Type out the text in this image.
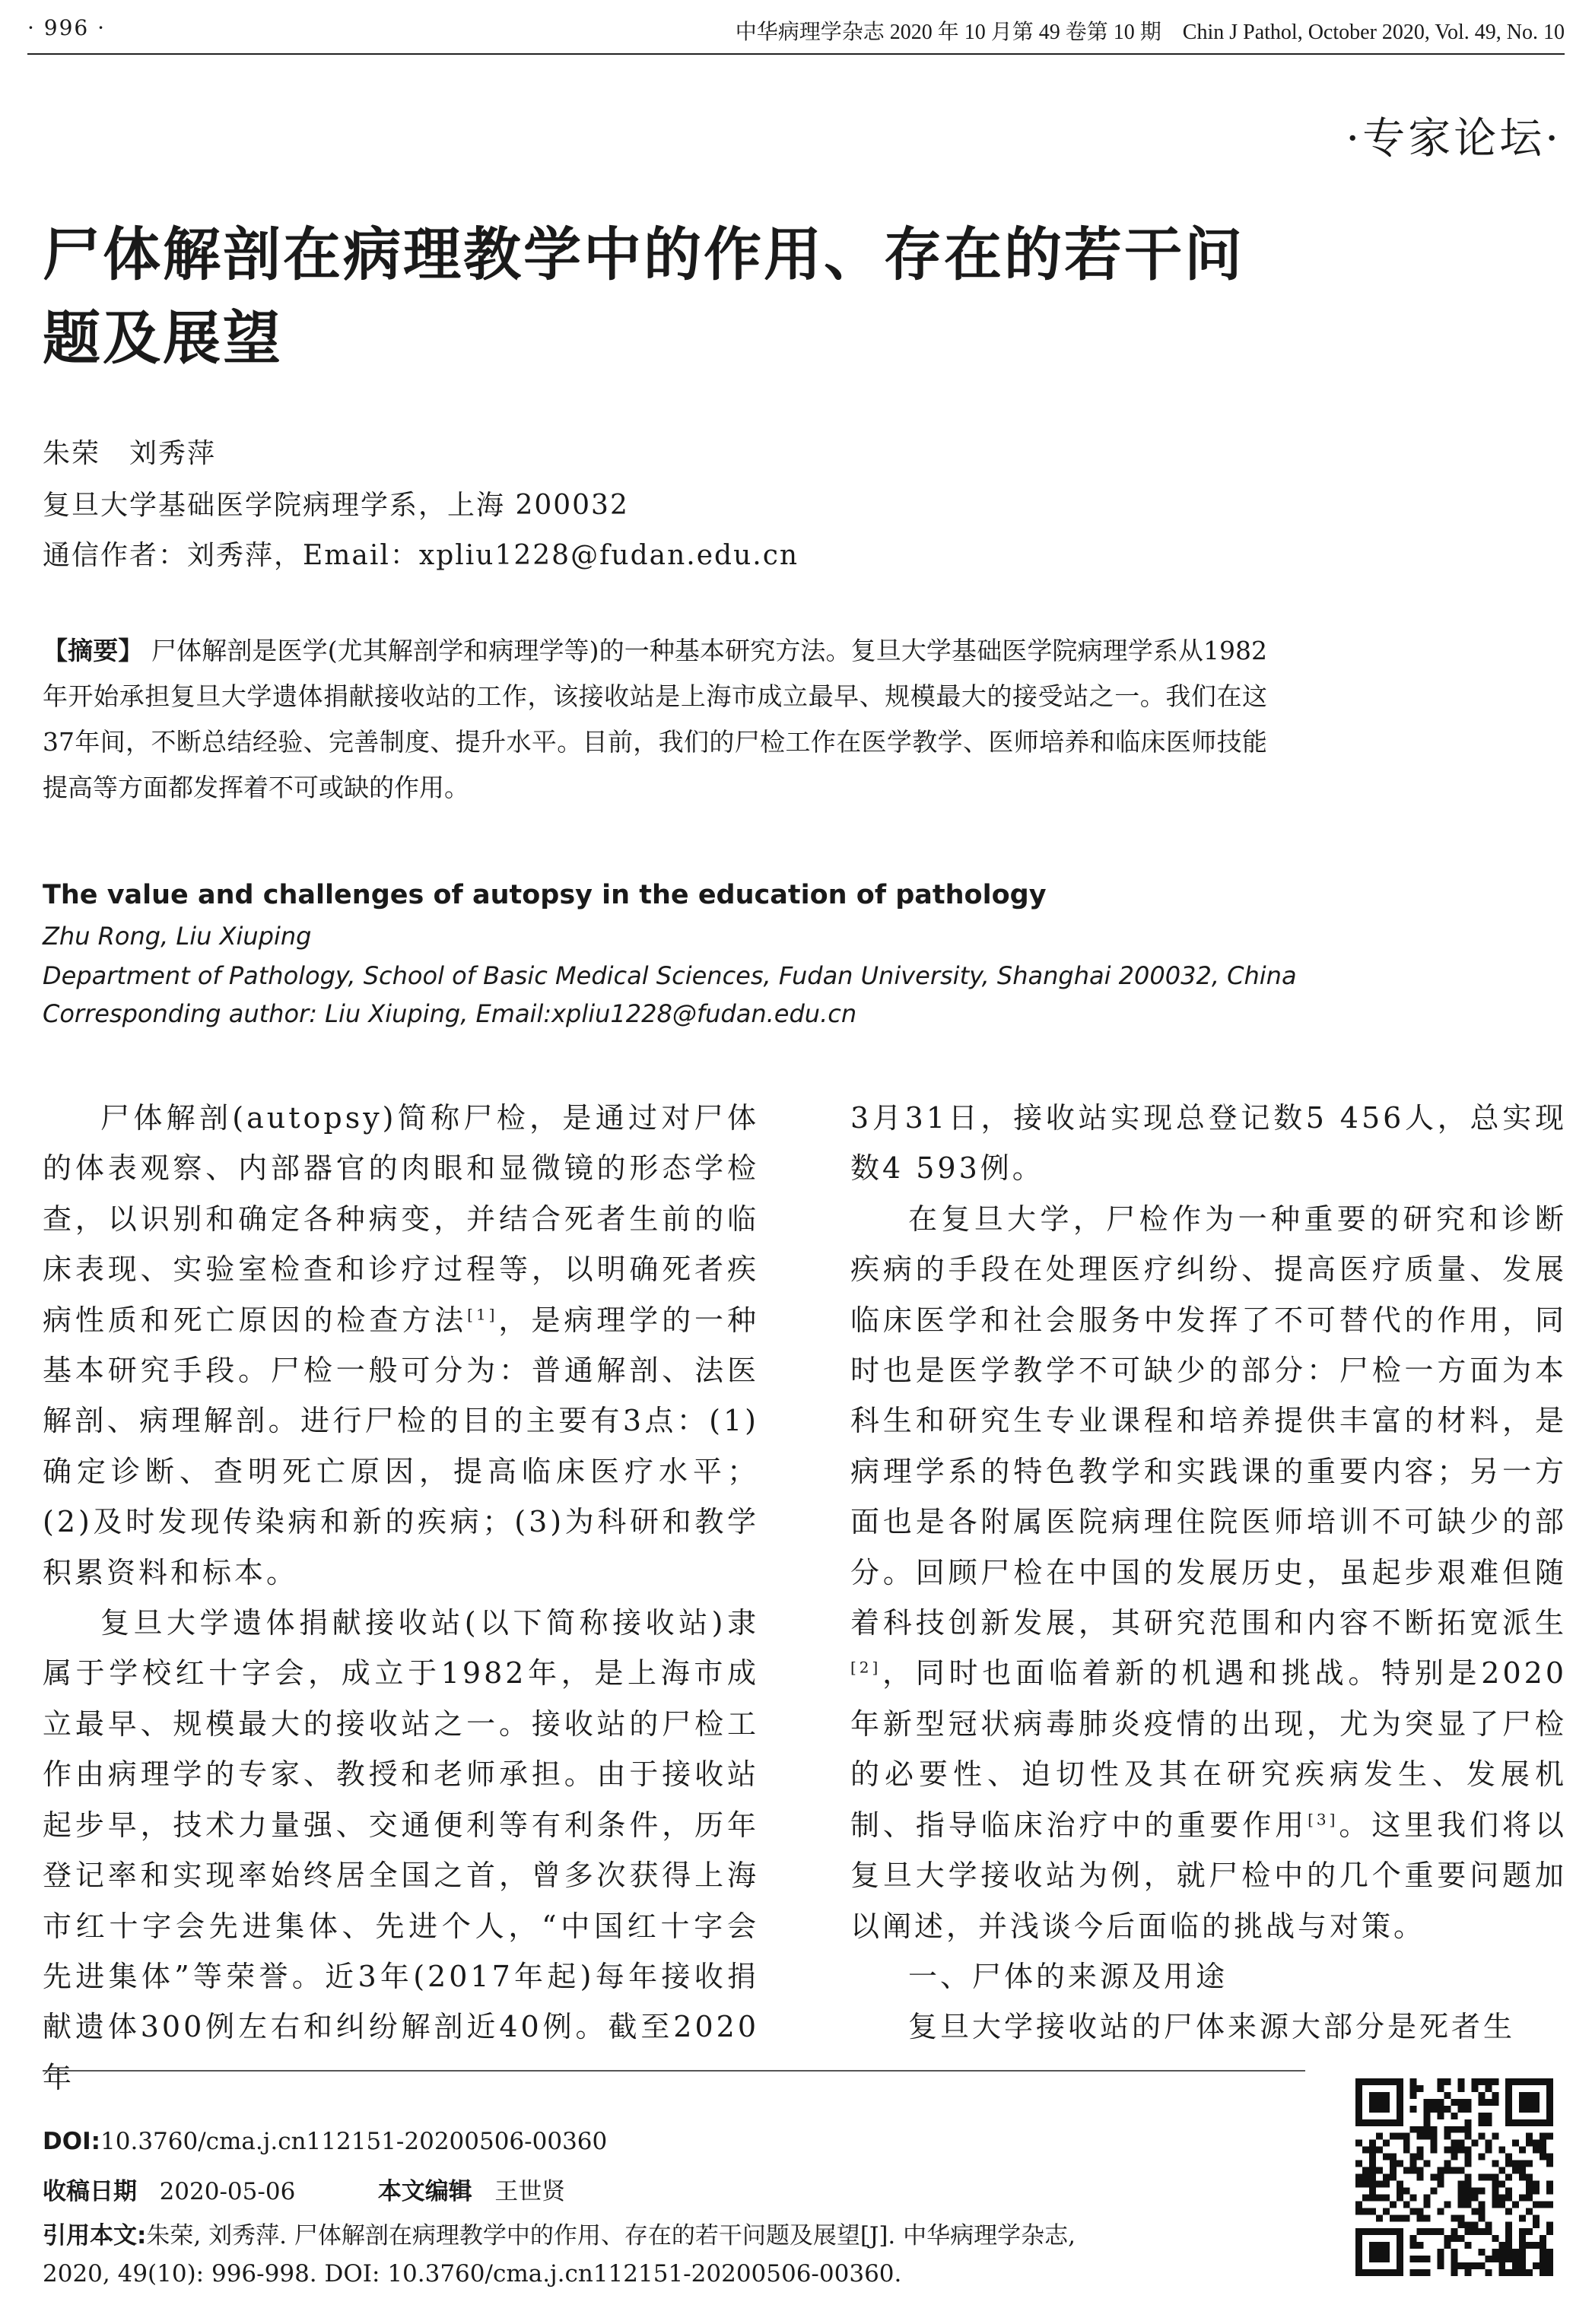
· 996 ·	中华病理学杂志 2020 年 10 月第 49 卷第 10 期　Chin J Pathol, October 2020, Vol. 49, No. 10
·专家论坛·
尸体解剖在病理教学中的作用、存在的若干问题及展望
朱荣　刘秀萍
复旦大学基础医学院病理学系，上海 200032
通信作者：刘秀萍，Email：xpliu1228@fudan.edu.cn
【摘要】 尸体解剖是医学(尤其解剖学和病理学等)的一种基本研究方法。复旦大学基础医学院病理学系从1982年开始承担复旦大学遗体捐献接收站的工作，该接收站是上海市成立最早、规模最大的接受站之一。我们在这37年间，不断总结经验、完善制度、提升水平。目前，我们的尸检工作在医学教学、医师培养和临床医师技能提高等方面都发挥着不可或缺的作用。
The value and challenges of autopsy in the education of pathology
Zhu Rong, Liu Xiuping
Department of Pathology, School of Basic Medical Sciences, Fudan University, Shanghai 200032, China
Corresponding author: Liu Xiuping, Email:xpliu1228@fudan.edu.cn

尸体解剖(autopsy)简称尸检，是通过对尸体的体表观察、内部器官的肉眼和显微镜的形态学检查，以识别和确定各种病变，并结合死者生前的临床表现、实验室检查和诊疗过程等，以明确死者疾病性质和死亡原因的检查方法[1]，是病理学的一种基本研究手段。尸检一般可分为：普通解剖、法医解剖、病理解剖。进行尸检的目的主要有3点：(1)确定诊断、查明死亡原因，提高临床医疗水平；(2)及时发现传染病和新的疾病；(3)为科研和教学积累资料和标本。

复旦大学遗体捐献接收站(以下简称接收站)隶属于学校红十字会，成立于1982年，是上海市成立最早、规模最大的接收站之一。接收站的尸检工作由病理学的专家、教授和老师承担。由于接收站起步早，技术力量强、交通便利等有利条件，历年登记率和实现率始终居全国之首，曾多次获得上海市红十字会先进集体、先进个人，“中国红十字会先进集体”等荣誉。近3年(2017年起)每年接收捐献遗体300例左右和纠纷解剖近40例。截至2020年

3月31日，接收站实现总登记数5 456人，总实现数4 593例。

在复旦大学，尸检作为一种重要的研究和诊断疾病的手段在处理医疗纠纷、提高医疗质量、发展临床医学和社会服务中发挥了不可替代的作用，同时也是医学教学不可缺少的部分：尸检一方面为本科生和研究生专业课程和培养提供丰富的材料，是病理学系的特色教学和实践课的重要内容；另一方面也是各附属医院病理住院医师培训不可缺少的部分。回顾尸检在中国的发展历史，虽起步艰难但随着科技创新发展，其研究范围和内容不断拓宽派生[2]，同时也面临着新的机遇和挑战。特别是2020年新型冠状病毒肺炎疫情的出现，尤为突显了尸检的必要性、迫切性及其在研究疾病发生、发展机制、指导临床治疗中的重要作用[3]。这里我们将以复旦大学接收站为例，就尸检中的几个重要问题加以阐述，并浅谈今后面临的挑战与对策。

一、尸体的来源及用途

复旦大学接收站的尸体来源大部分是死者生

DOI:10.3760/cma.j.cn112151-20200506-00360
收稿日期 2020-05-06	本文编辑 王世贤
引用本文:朱荣, 刘秀萍. 尸体解剖在病理教学中的作用、存在的若干问题及展望[J]. 中华病理学杂志,
2020, 49(10): 996-998. DOI: 10.3760/cma.j.cn112151-20200506-00360.
